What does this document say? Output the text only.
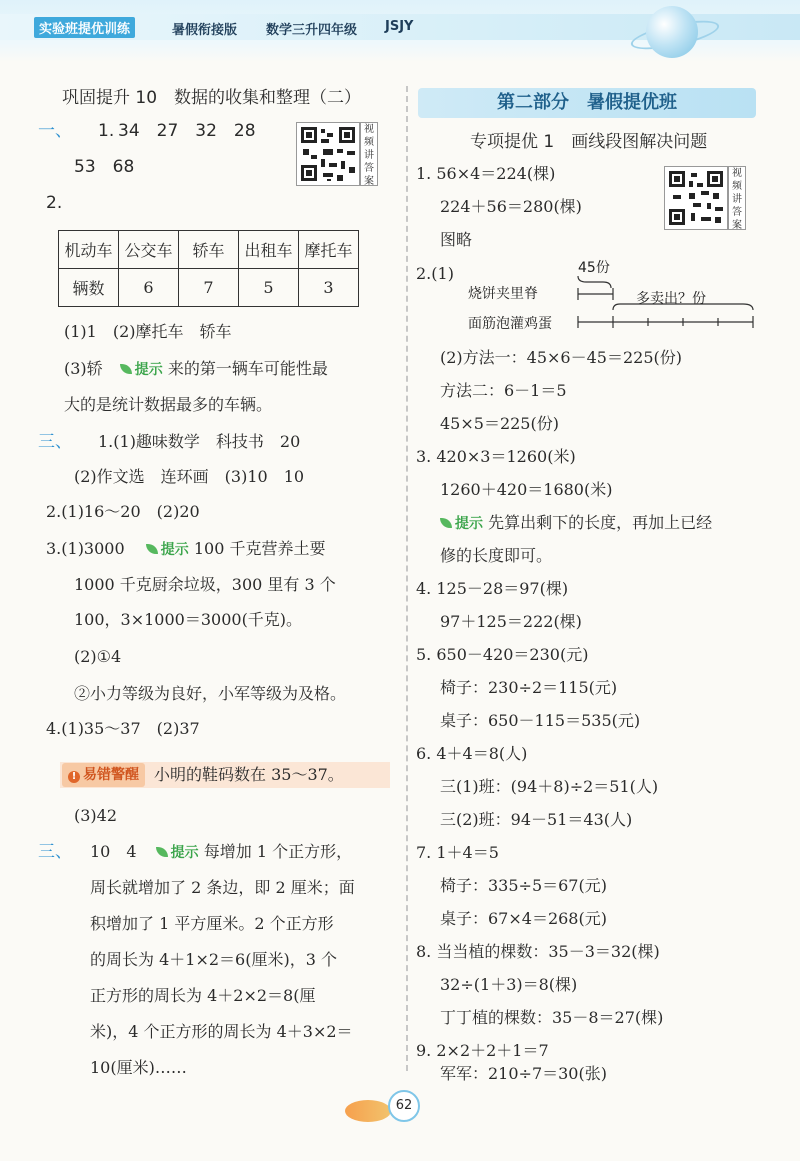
实验班提优训练	暑假衔接版 数学三升四年级 JSJY
巩固提升 10　数据的收集和整理（二）
一、 1. 34　27　32　28
53　68
视
频
讲
答
案
2.
机动车	公交车	轿车	出租车	摩托车
辆数	6	7	5	3
(1)1　(2)摩托车　轿车
(3)轿 提示 来的第一辆车可能性最
大的是统计数据最多的车辆。
三、 1.(1)趣味数学　科技书　20
(2)作文选　连环画　(3)10　10
2.(1)16～20　(2)20
3.(1)3000	提示 100 千克营养土要
1000 千克厨余垃圾，300 里有 3 个
100，3×1000＝3000(千克)。
(2)①4
②小力等级为良好，小军等级为及格。
4.(1)35～37　(2)37
! 易错警醒 小明的鞋码数在 35～37。
(3)42
三、 10　4 提示 每增加 1 个正方形，
周长就增加了 2 条边，即 2 厘米；面
积增加了 1 平方厘米。2 个正方形
的周长为 4＋1×2＝6(厘米)，3 个
正方形的周长为 4＋2×2＝8(厘
米)，4 个正方形的周长为 4＋3×2＝
10(厘米)……
第二部分　暑假提优班
专项提优 1　画线段图解决问题
视
频
讲
答
案
1. 56×4＝224(棵)
224＋56＝280(棵)
图略
2.(1)	45份
烧饼夹里脊	多卖出？份
面筋泡灌鸡蛋
(2)方法一：45×6－45＝225(份)
方法二：6－1＝5
45×5＝225(份)
3. 420×3＝1260(米)
1260＋420＝1680(米)
提示 先算出剩下的长度，再加上已经
修的长度即可。
4. 125－28＝97(棵)
97＋125＝222(棵)
5. 650－420＝230(元)
椅子：230÷2＝115(元)
桌子：650－115＝535(元)
6. 4＋4＝8(人)
三(1)班：(94＋8)÷2＝51(人)
三(2)班：94－51＝43(人)
7. 1＋4＝5
椅子：335÷5＝67(元)
桌子：67×4＝268(元)
8. 当当植的棵数：35－3＝32(棵)
32÷(1＋3)＝8(棵)
丁丁植的棵数：35－8＝27(棵)
9. 2×2＋2＋1＝7
军军：210÷7＝30(张)
62
